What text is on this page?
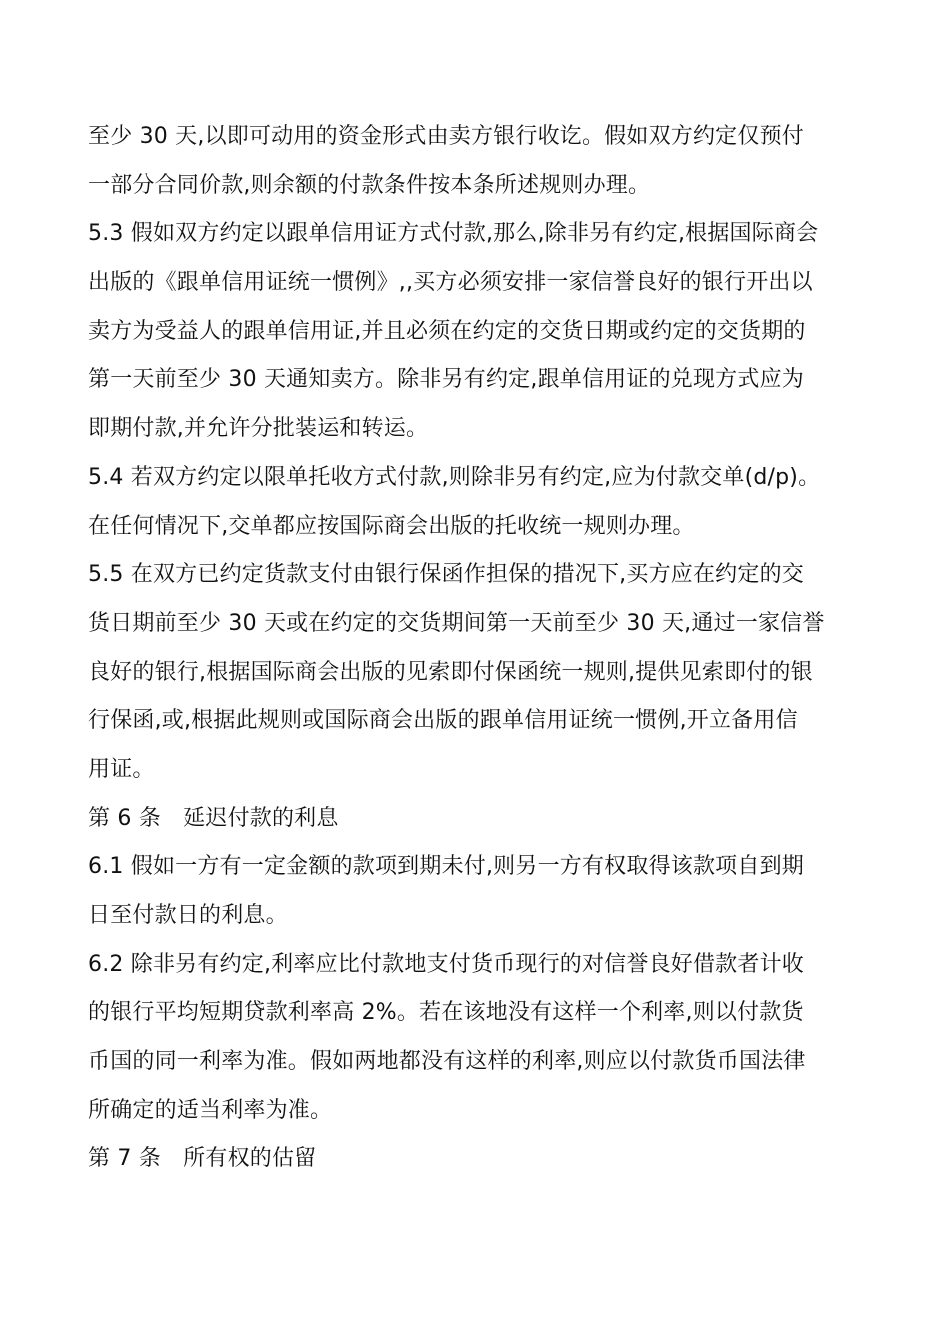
至少 30 天,以即可动用的资金形式由卖方银行收讫。假如双方约定仅预付
一部分合同价款,则余额的付款条件按本条所述规则办理。
5.3 假如双方约定以跟单信用证方式付款,那么,除非另有约定,根据国际商会
出版的《跟单信用证统一惯例》,,买方必须安排一家信誉良好的银行开出以
卖方为受益人的跟单信用证,并且必须在约定的交货日期或约定的交货期的
第一天前至少 30 天通知卖方。除非另有约定,跟单信用证的兑现方式应为
即期付款,并允许分批装运和转运。
5.4 若双方约定以限单托收方式付款,则除非另有约定,应为付款交单(d/p)。
在任何情况下,交单都应按国际商会出版的托收统一规则办理。
5.5 在双方已约定货款支付由银行保函作担保的措况下,买方应在约定的交
货日期前至少 30 天或在约定的交货期间第一天前至少 30 天,通过一家信誉
良好的银行,根据国际商会出版的见索即付保函统一规则,提供见索即付的银
行保函,或,根据此规则或国际商会出版的跟单信用证统一惯例,开立备用信
用证。
第 6 条　延迟付款的利息
6.1 假如一方有一定金额的款项到期未付,则另一方有权取得该款项自到期
日至付款日的利息。
6.2 除非另有约定,利率应比付款地支付货币现行的对信誉良好借款者计收
的银行平均短期贷款利率高 2%。若在该地没有这样一个利率,则以付款货
币国的同一利率为准。假如两地都没有这样的利率,则应以付款货币国法律
所确定的适当利率为准。
第 7 条　所有权的估留
